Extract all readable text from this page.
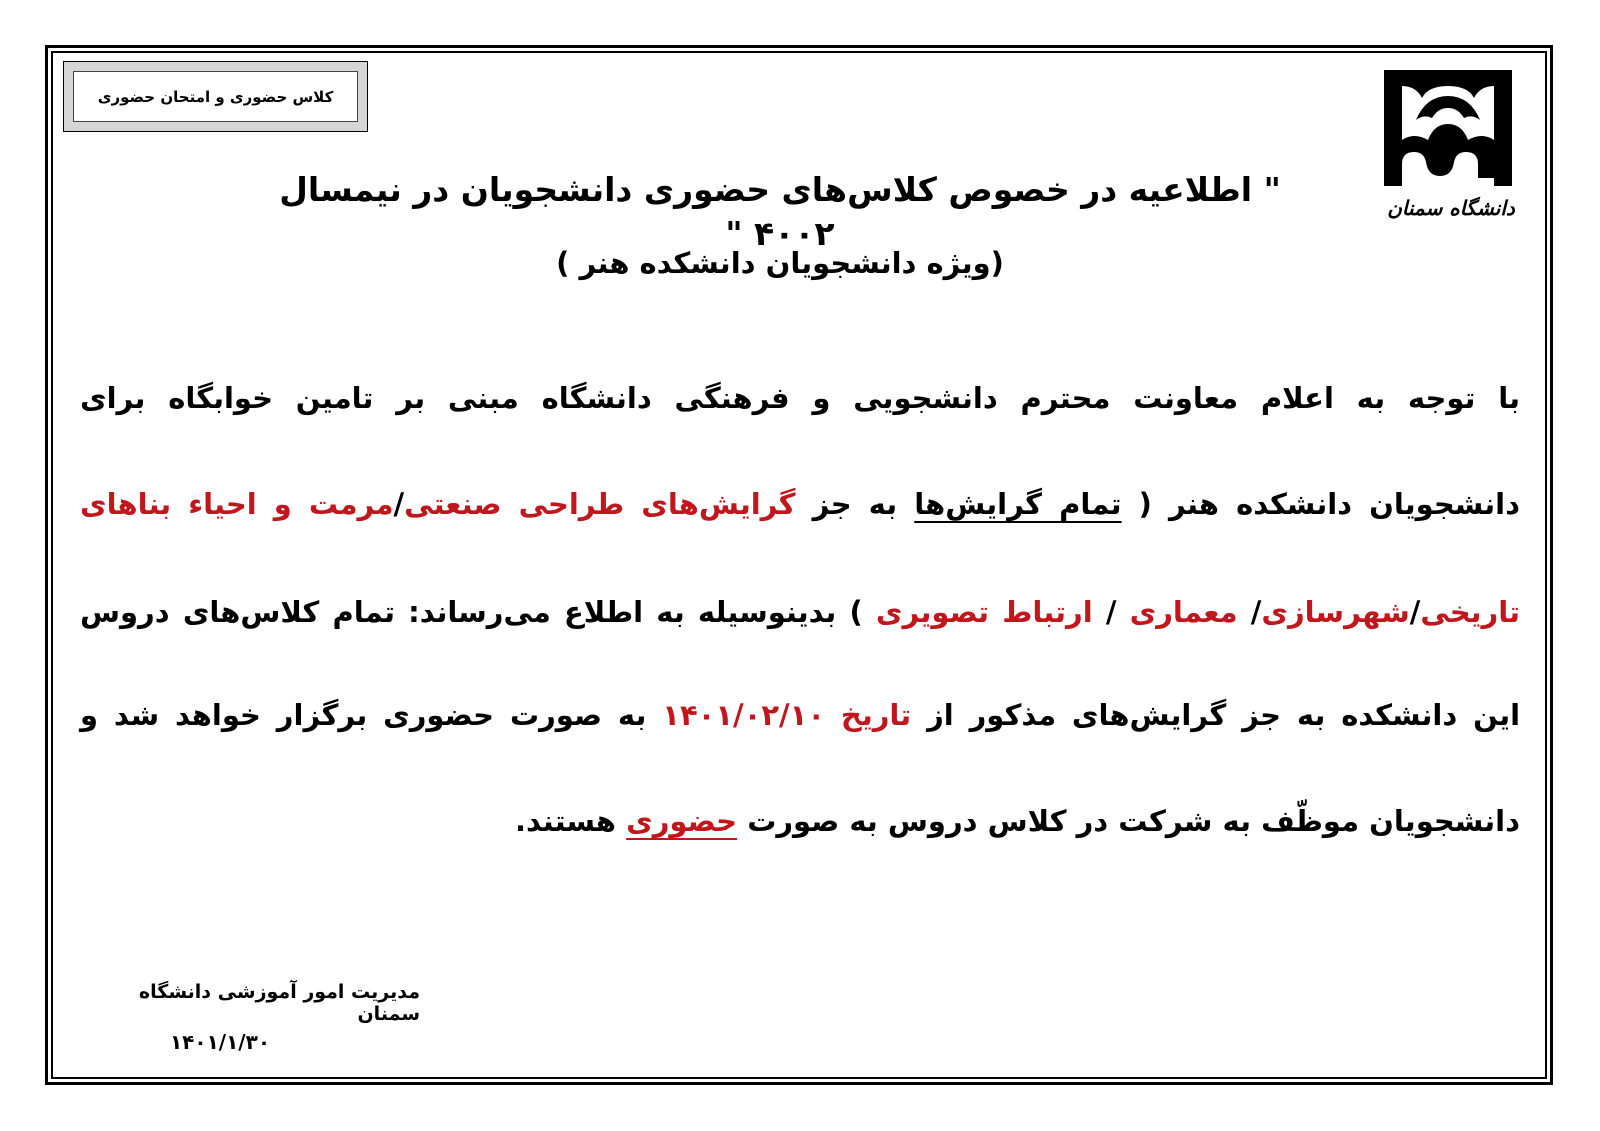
کلاس حضوری و امتحان حضوری
دانشگاه سمنان
" اطلاعیه در خصوص کلاس‌های حضوری دانشجویان در نیمسال ۴۰۰۲ "
(ویژه دانشجویان دانشکده هنر )
با توجه به اعلام معاونت محترم دانشجویی و فرهنگی دانشگاه مبنی بر تامین خوابگاه برای
دانشجویان دانشکده هنر ( تمام گرایش‌ها به جز گرایش‌های طراحی صنعتی/مرمت و احیاء بناهای
تاریخی/شهرسازی/ معماری / ارتباط تصویری ) بدینوسیله به اطلاع می‌رساند: تمام کلاس‌های دروس
این دانشکده به جز گرایش‌های مذکور از تاریخ ۱۴۰۱/۰۲/۱۰ به صورت حضوری برگزار خواهد شد و
دانشجویان موظّف به شرکت در کلاس دروس به صورت حضوری هستند.
مدیریت امور آموزشی دانشگاه سمنان
۱۴۰۱/۱/۳۰
